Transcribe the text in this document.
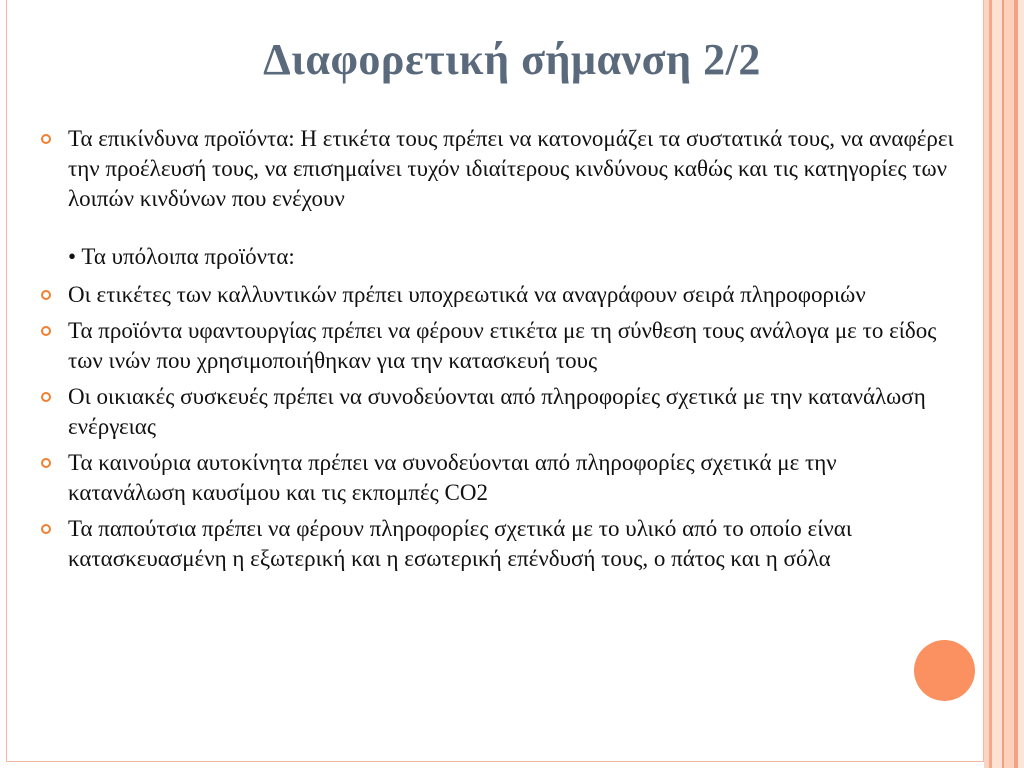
Διαφορετική σήμανση 2/2
Τα επικίνδυνα προϊόντα: Η ετικέτα τους πρέπει να κατονομάζει τα συστατικά τους, να αναφέρει την προέλευσή τους, να επισημαίνει τυχόν ιδιαίτερους κινδύνους καθώς και τις κατηγορίες των λοιπών κινδύνων που ενέχουν
• Τα υπόλοιπα προϊόντα:
Οι ετικέτες των καλλυντικών πρέπει υποχρεωτικά να αναγράφουν σειρά πληροφοριών
Τα προϊόντα υφαντουργίας πρέπει να φέρουν ετικέτα με τη σύνθεση τους ανάλογα με το είδος των ινών που χρησιμοποιήθηκαν για την κατασκευή τους
Οι οικιακές συσκευές πρέπει να συνοδεύονται από πληροφορίες σχετικά με την κατανάλωση ενέργειας
Τα καινούρια αυτοκίνητα πρέπει να συνοδεύονται από πληροφορίες σχετικά με την κατανάλωση καυσίμου και τις εκπομπές CO2
Τα παπούτσια πρέπει να φέρουν πληροφορίες σχετικά με το υλικό από το οποίο είναι κατασκευασμένη η εξωτερική και η εσωτερική επένδυσή τους, ο πάτος και η σόλα
